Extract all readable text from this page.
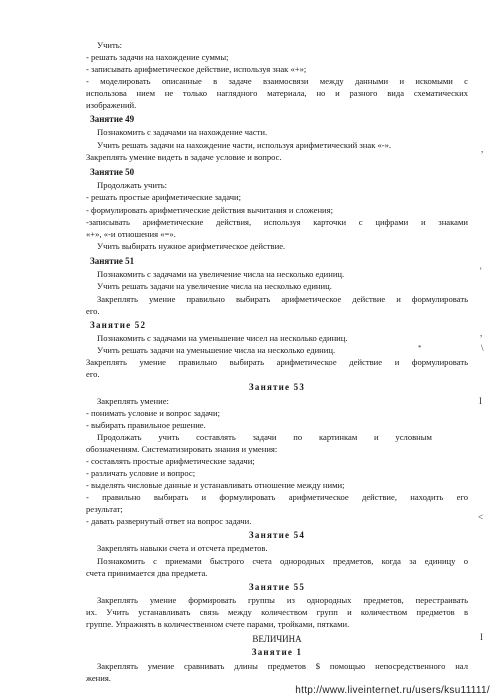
Учить:
- решать задачи на нахождение суммы;
- записывать арифметическое действие, используя знак «+»;
- моделировать описанные в задаче взаимосвязи между данными и искомыми с
использова нием не только наглядного материала, но и разного вида схематических
изображений.
Занятие 49
Познакомить с задачами на нахождение части.
Учить решать задачи на нахождение части, используя арифметический знак «-».
Закреплять умение видеть в задаче условие и вопрос.
Занятие 50
Продолжать учить:
- решать простые арифметические задачи;
- формулировать арифметические действия вычитания и сложения;
-записывать арифметические действия, используя карточки с цифрами и знаками
«+», «-и отношения «=».
Учить выбирать нужное арифметическое действие.
Занятие 51
Познакомить с задачами на увеличение числа на несколько единиц.
Учить решать задачи на увеличение числа на несколько единиц.
Закреплять умение правильно выбирать арифметическое действие и формулировать
его.
Занятие 52
Познакомить с задачами на уменьшение чисел на несколько единиц.
Учить решать задачи на уменьшение числа на несколько единиц.
Закреплять умение правильно выбирать арифметическое действие и формулировать
его.
Занятие 53
Закреплять умение:
- понимать условие и вопрос задачи;
- выбирать правильное решение.
Продолжать учить составлять задачи по картинкам и условным
обозначениям. Систематизировать знания и умения:
- составлять простые арифметические задачи;
- различать условие и вопрос;
- выделять числовые данные и устанавливать отношение между ними;
- правильно выбирать и формулировать арифметическое действие, находить его
результат;
- давать развернутый ответ на вопрос задачи.
Занятие 54
Закреплять навыки счета и отсчета предметов.
Познакомить с приемами быстрого счета однородных предметов, когда за единицу о
счета принимается два предмета.
Занятие 55
Закреплять умение формировать группы из однородных предметов, перестраивать
их. Учить устанавливать связь между количеством групп и количеством предметов в
группе. Упражнять в количественном счете парами, тройками, пятками.
ВЕЛИЧИНА
Занятие 1
Закреплять умение сравнивать длины предметов $ помощью непосредственного нал
жения.
,
'
,
\
*
I
<
I
http://www.liveinternet.ru/users/ksu11111/
